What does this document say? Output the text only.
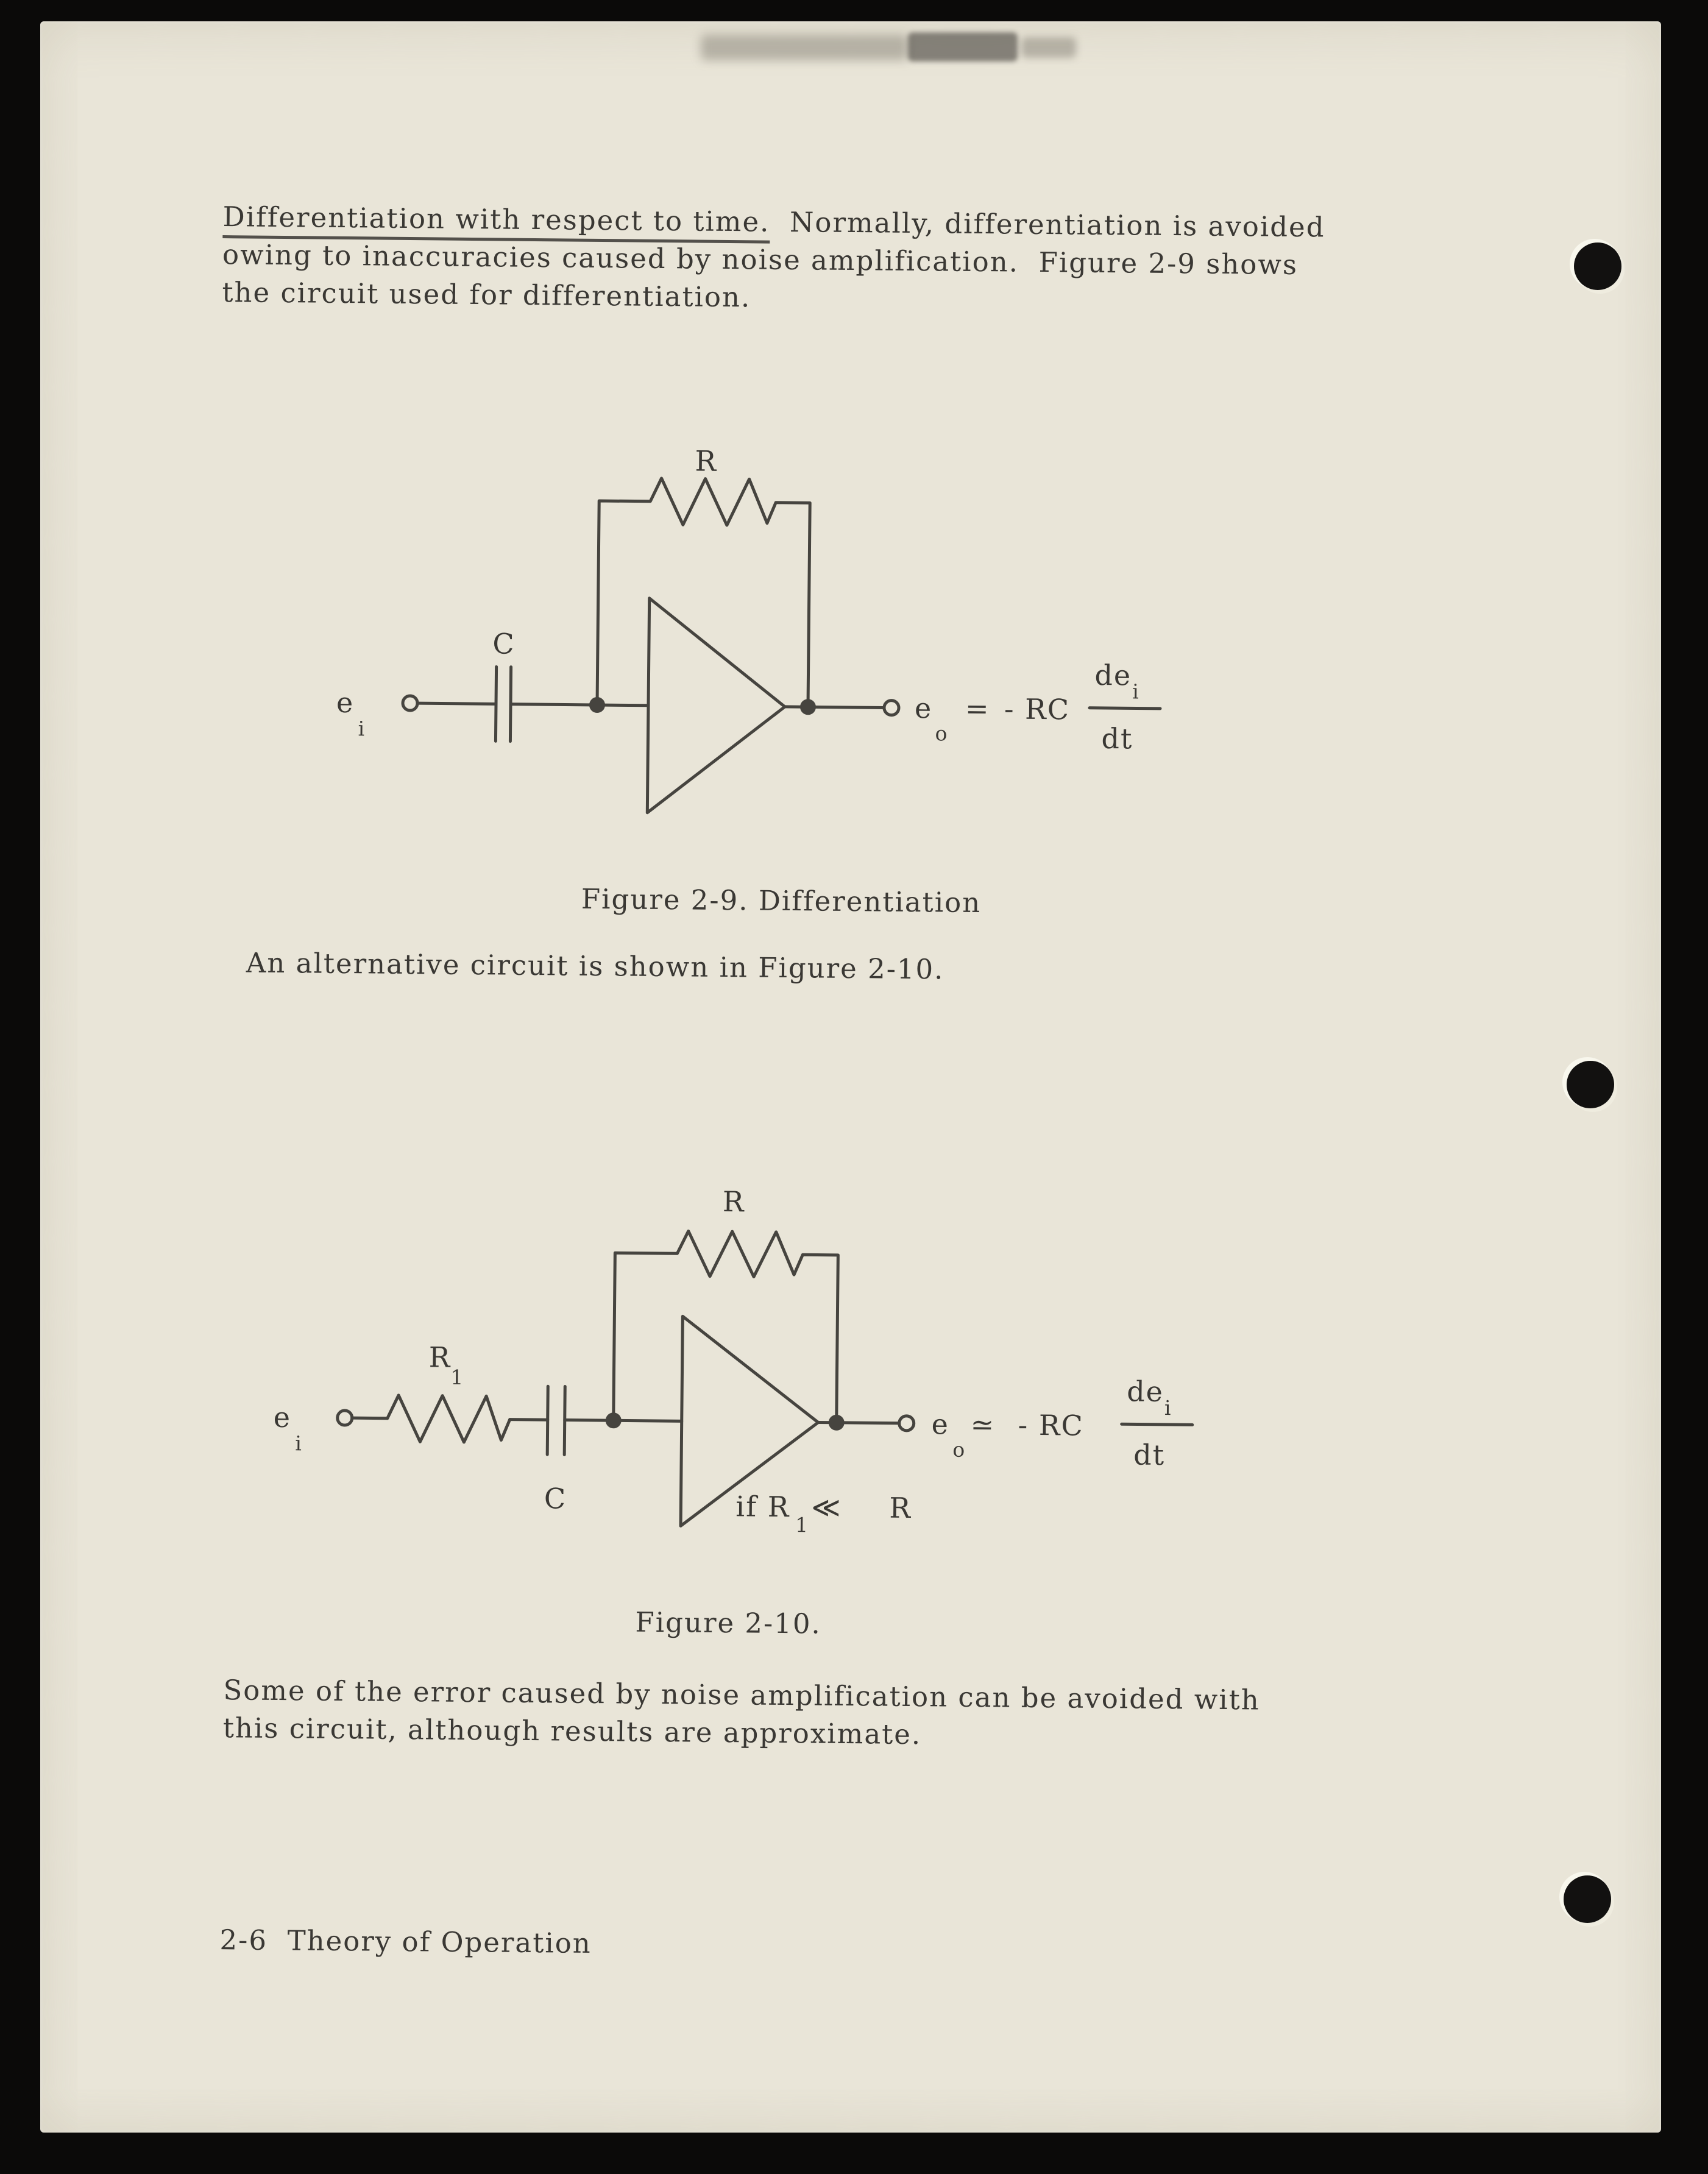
Differentiation with respect to time.  Normally, differentiation is avoided
owing to inaccuracies caused by noise amplification.  Figure 2-9 shows
the circuit used for differentiation.
R
e
i
C
e
o
= - RC
de i
dt
Figure 2-9. Differentiation
An alternative circuit is shown in Figure 2-10.
R
e
i
R
1
C
e
o
≃ - RC
de i
dt
if R
1
≪ R
Figure 2-10.
Some of the error caused by noise amplification can be avoided with
this circuit, although results are approximate.
2-6  Theory of Operation
